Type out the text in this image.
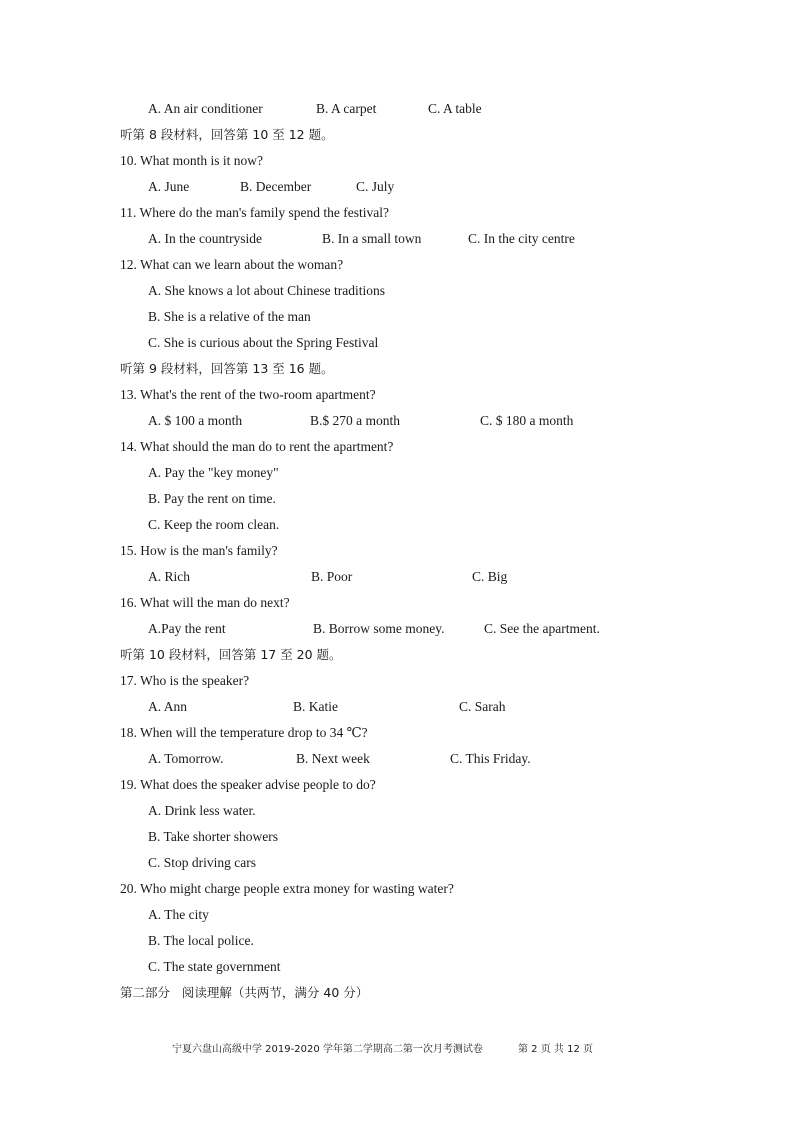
A. An air conditioner	B. A carpet	C. A table
听第 8 段材料，回答第 10 至 12 题。
10. What month is it now?
A. June	B. December	C. July
11. Where do the man's family spend the festival?
A. In the countryside	B. In a small town	C. In the city centre
12. What can we learn about the woman?
A. She knows a lot about Chinese traditions
B. She is a relative of the man
C. She is curious about the Spring Festival
听第 9 段材料，回答第 13 至 16 题。
13. What's the rent of the two-room apartment?
A. $ 100 a month	B.$ 270 a month	C. $ 180 a month
14. What should the man do to rent the apartment?
A. Pay the "key money"
B. Pay the rent on time.
C. Keep the room clean.
15. How is the man's family?
A. Rich	B. Poor	C. Big
16. What will the man do next?
A.Pay the rent	B. Borrow some money.	C. See the apartment.
听第 10 段材料，回答第 17 至 20 题。
17. Who is the speaker?
A. Ann	B. Katie	C. Sarah
18. When will the temperature drop to 34 ℃?
A. Tomorrow.	B. Next week	C. This Friday.
19. What does the speaker advise people to do?
A. Drink less water.
B. Take shorter showers
C. Stop driving cars
20. Who might charge people extra money for wasting water?
A. The city
B. The local police.
C. The state government
第二部分   阅读理解（共两节，满分 40 分）
宁夏六盘山高级中学 2019-2020 学年第二学期高二第一次月考测试卷	第 2 页 共 12 页
